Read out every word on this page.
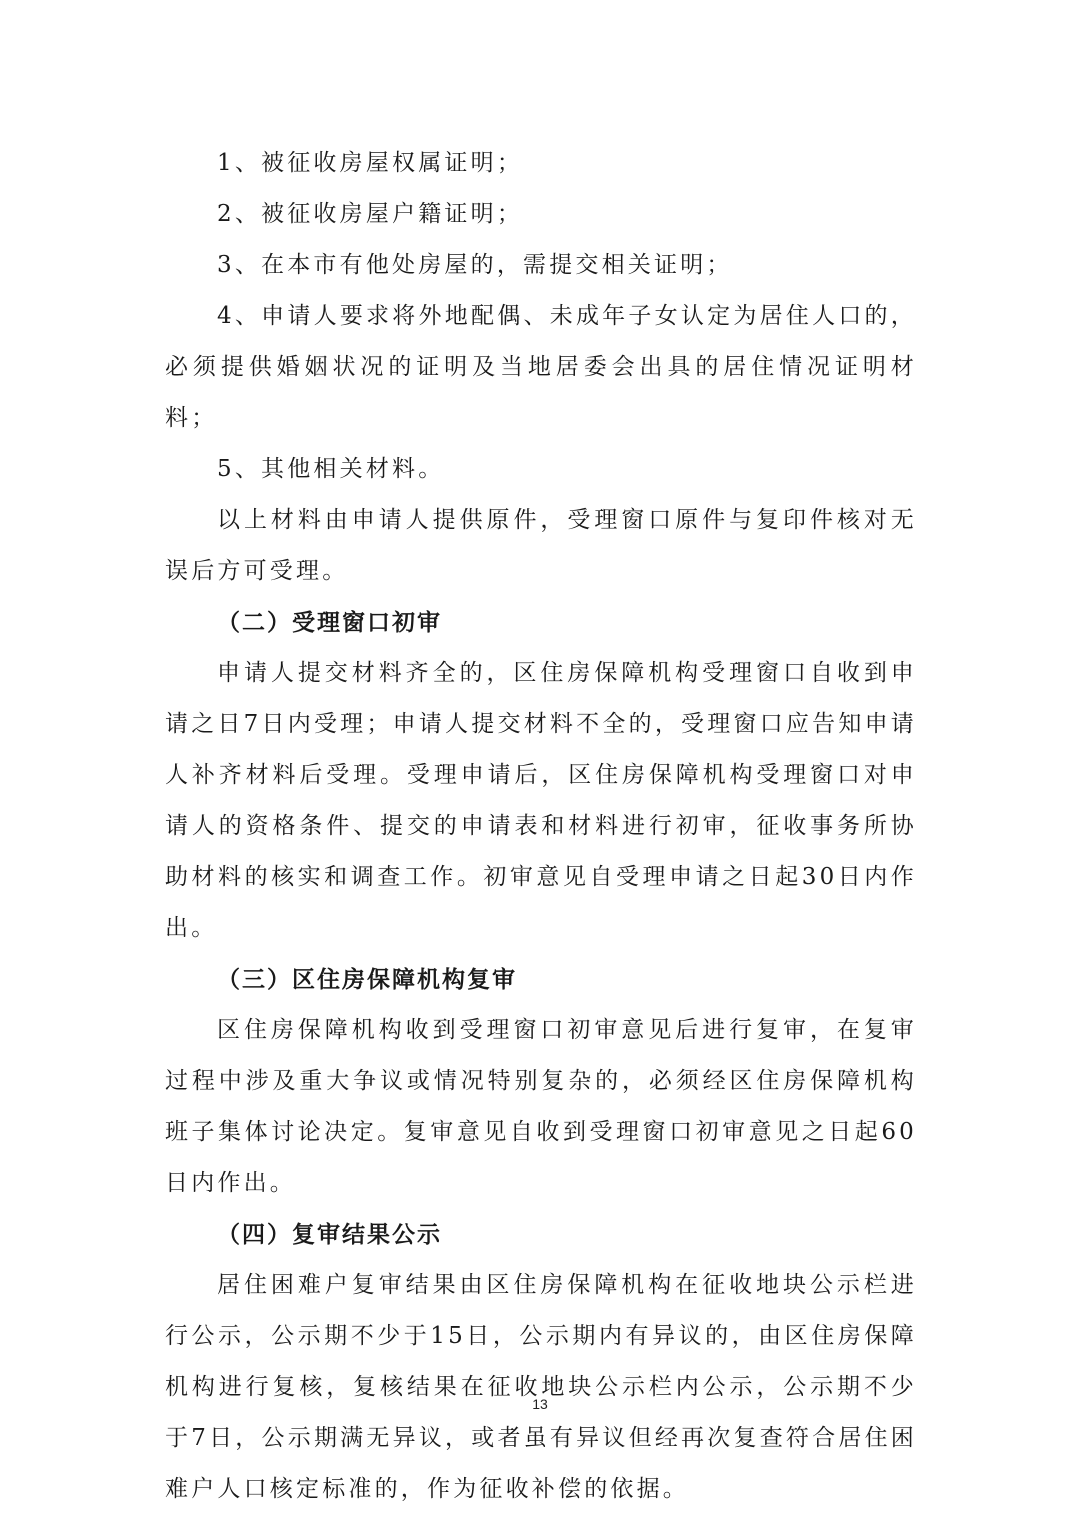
1、被征收房屋权属证明；

2、被征收房屋户籍证明；

3、在本市有他处房屋的，需提交相关证明；

4、申请人要求将外地配偶、未成年子女认定为居住人口的，必须提供婚姻状况的证明及当地居委会出具的居住情况证明材料；

5、其他相关材料。

以上材料由申请人提供原件，受理窗口原件与复印件核对无误后方可受理。

（二）受理窗口初审

申请人提交材料齐全的，区住房保障机构受理窗口自收到申请之日7日内受理；申请人提交材料不全的，受理窗口应告知申请人补齐材料后受理。受理申请后，区住房保障机构受理窗口对申请人的资格条件、提交的申请表和材料进行初审，征收事务所协助材料的核实和调查工作。初审意见自受理申请之日起30日内作出。

（三）区住房保障机构复审

区住房保障机构收到受理窗口初审意见后进行复审，在复审过程中涉及重大争议或情况特别复杂的，必须经区住房保障机构班子集体讨论决定。复审意见自收到受理窗口初审意见之日起60日内作出。

（四）复审结果公示

居住困难户复审结果由区住房保障机构在征收地块公示栏进行公示，公示期不少于15日，公示期内有异议的，由区住房保障机构进行复核，复核结果在征收地块公示栏内公示，公示期不少于7日，公示期满无异议，或者虽有异议但经再次复查符合居住困难户人口核定标准的，作为征收补偿的依据。

13
